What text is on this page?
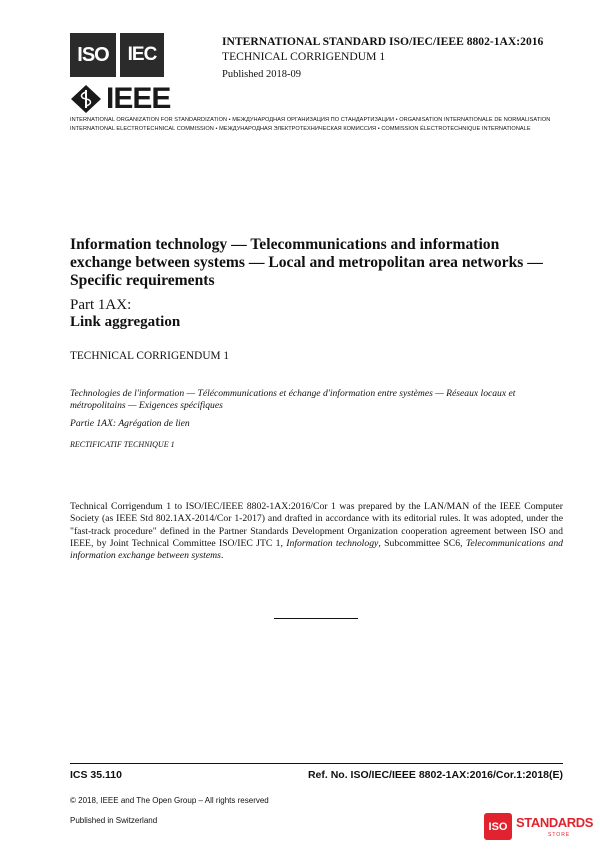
ISO IEC
IEEE
INTERNATIONAL STANDARD ISO/IEC/IEEE 8802-1AX:2016
TECHNICAL CORRIGENDUM 1
Published 2018-09
INTERNATIONAL ORGANIZATION FOR STANDARDIZATION • МЕЖДУНАРОДНАЯ ОРГАНИЗАЦИЯ ПО СТАНДАРТИЗАЦИИ • ORGANISATION INTERNATIONALE DE NORMALISATION
INTERNATIONAL ELECTROTECHNICAL COMMISSION • МЕЖДУНАРОДНАЯ ЭЛЕКТРОТЕХНИЧЕСКАЯ КОМИССИЯ • COMMISSION ÉLECTROTECHNIQUE INTERNATIONALE
Information technology — Telecommunications and information exchange between systems — Local and metropolitan area networks — Specific requirements
Part 1AX:
Link aggregation
TECHNICAL CORRIGENDUM 1
Technologies de l'information — Télécommunications et échange d'information entre systèmes — Réseaux locaux et métropolitains — Exigences spécifiques
Partie 1AX: Agrégation de lien
RECTIFICATIF TECHNIQUE 1
Technical Corrigendum 1 to ISO/IEC/IEEE 8802-1AX:2016/Cor 1 was prepared by the LAN/MAN of the IEEE Computer Society (as IEEE Std 802.1AX-2014/Cor 1-2017) and drafted in accordance with its editorial rules. It was adopted, under the "fast-track procedure" defined in the Partner Standards Development Organization cooperation agreement between ISO and IEEE, by Joint Technical Committee ISO/IEC JTC 1, Information technology, Subcommittee SC6, Telecommunications and information exchange between systems.
ICS 35.110	Ref. No. ISO/IEC/IEEE 8802-1AX:2016/Cor.1:2018(E)
© 2018, IEEE and The Open Group – All rights reserved
Published in Switzerland	ISO STANDARDS
STORE
